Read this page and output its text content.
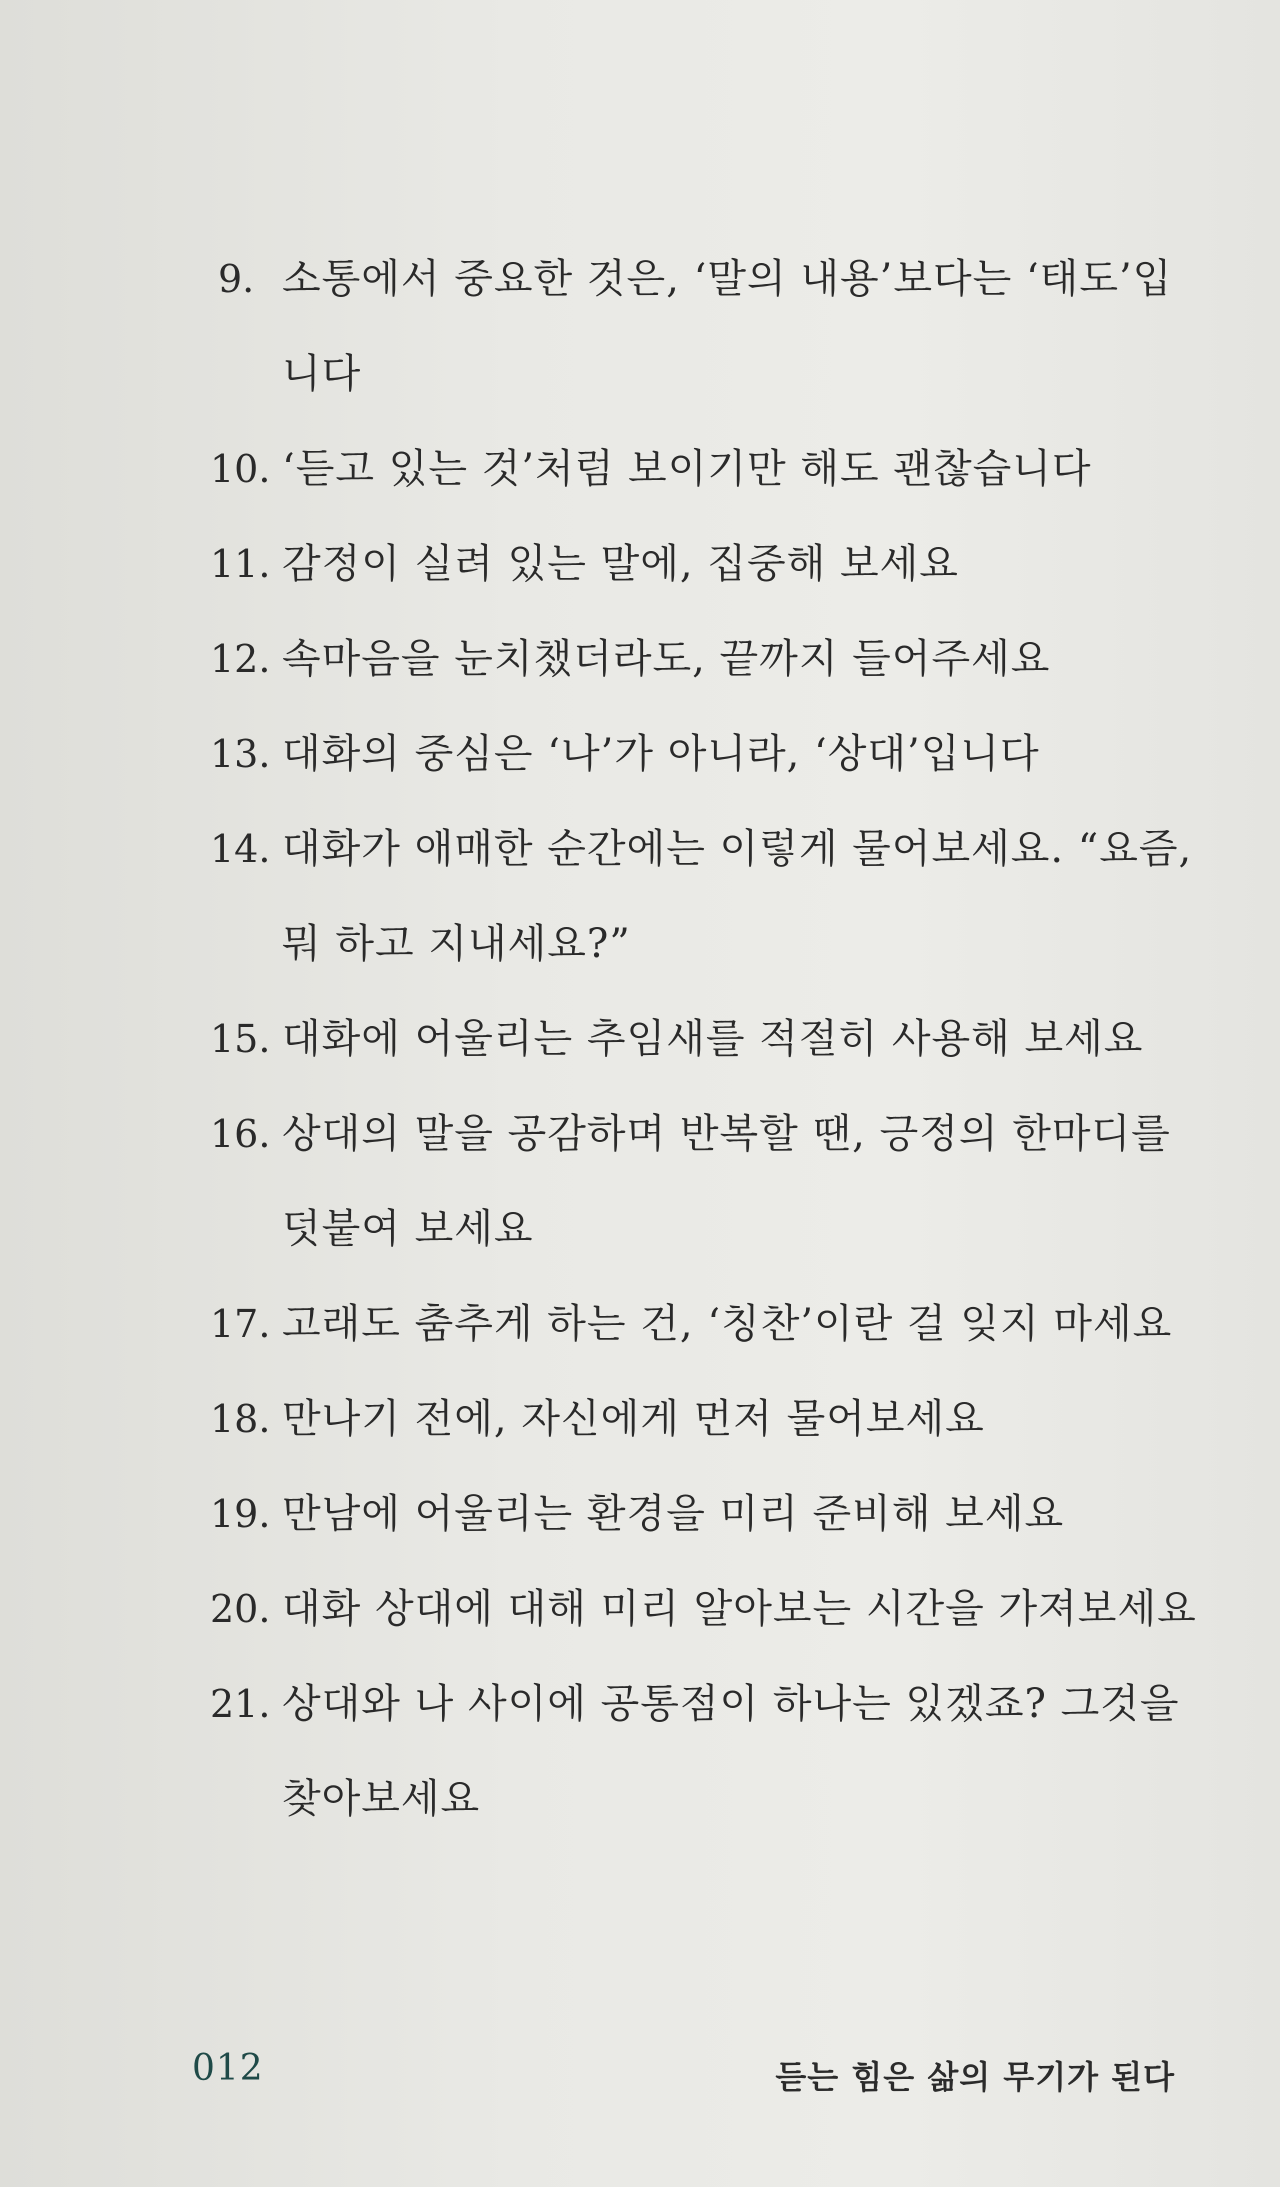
9. 소통에서 중요한 것은, ‘말의 내용’보다는 ‘태도’입니다
10. ‘듣고 있는 것’처럼 보이기만 해도 괜찮습니다
11. 감정이 실려 있는 말에, 집중해 보세요
12. 속마음을 눈치챘더라도, 끝까지 들어주세요
13. 대화의 중심은 ‘나’가 아니라, ‘상대’입니다
14. 대화가 애매한 순간에는 이렇게 물어보세요. “요즘, 뭐 하고 지내세요?”
15. 대화에 어울리는 추임새를 적절히 사용해 보세요
16. 상대의 말을 공감하며 반복할 땐, 긍정의 한마디를 덧붙여 보세요
17. 고래도 춤추게 하는 건, ‘칭찬’이란 걸 잊지 마세요
18. 만나기 전에, 자신에게 먼저 물어보세요
19. 만남에 어울리는 환경을 미리 준비해 보세요
20. 대화 상대에 대해 미리 알아보는 시간을 가져보세요
21. 상대와 나 사이에 공통점이 하나는 있겠죠? 그것을 찾아보세요
012	듣는 힘은 삶의 무기가 된다
